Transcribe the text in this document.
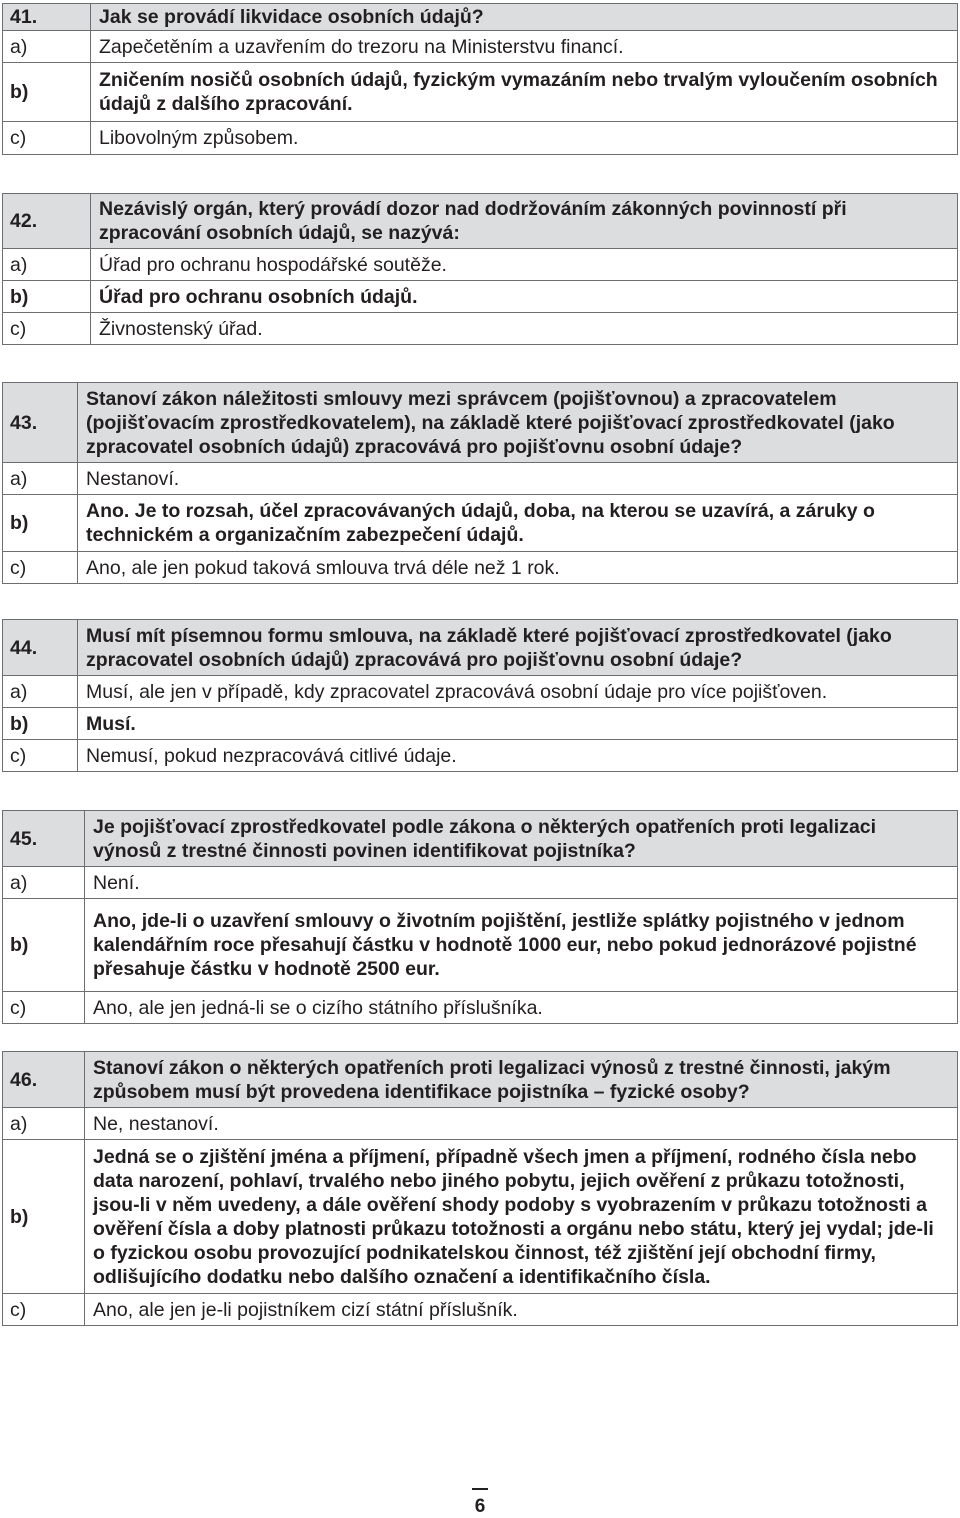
41.	Jak se provádí likvidace osobních údajů?
a)	Zapečetěním a uzavřením do trezoru na Ministerstvu financí.
b)	Zničením nosičů osobních údajů, fyzickým vymazáním nebo trvalým vyloučením osobních údajů z dalšího zpracování.
c)	Libovolným způsobem.
42.	Nezávislý orgán, který provádí dozor nad dodržováním zákonných povinností při zpracování osobních údajů, se nazývá:
a)	Úřad pro ochranu hospodářské soutěže.
b)	Úřad pro ochranu osobních údajů.
c)	Živnostenský úřad.
43.	Stanoví zákon náležitosti smlouvy mezi správcem (pojišťovnou) a zpracovatelem (pojišťovacím zprostředkovatelem), na základě které pojišťovací zprostředkovatel (jako zpracovatel osobních údajů) zpracovává pro pojišťovnu osobní údaje?
a)	Nestanoví.
b)	Ano. Je to rozsah, účel zpracovávaných údajů, doba, na kterou se uzavírá, a záruky o technickém a organizačním zabezpečení údajů.
c)	Ano, ale jen pokud taková smlouva trvá déle než 1 rok.
44.	Musí mít písemnou formu smlouva, na základě které pojišťovací zprostředkovatel (jako zpracovatel osobních údajů) zpracovává pro pojišťovnu osobní údaje?
a)	Musí, ale jen v případě, kdy zpracovatel zpracovává osobní údaje pro více pojišťoven.
b)	Musí.
c)	Nemusí, pokud nezpracovává citlivé údaje.
45.	Je pojišťovací zprostředkovatel podle zákona o některých opatřeních proti legalizaci výnosů z trestné činnosti povinen identifikovat pojistníka?
a)	Není.
b)	Ano, jde-li o uzavření smlouvy o životním pojištění, jestliže splátky pojistného v jednom kalendářním roce přesahují částku v hodnotě 1000 eur, nebo pokud jednorázové pojistné přesahuje částku v hodnotě 2500 eur.
c)	Ano, ale jen jedná-li se o cizího státního příslušníka.
46.	Stanoví zákon o některých opatřeních proti legalizaci výnosů z trestné činnosti, jakým způsobem musí být provedena identifikace pojistníka – fyzické osoby?
a)	Ne, nestanoví.
b)	Jedná se o zjištění jména a příjmení, případně všech jmen a příjmení, rodného čísla nebo data narození, pohlaví, trvalého nebo jiného pobytu, jejich ověření z průkazu totožnosti, jsou-li v něm uvedeny, a dále ověření shody podoby s vyobrazením v průkazu totožnosti a ověření čísla a doby platnosti průkazu totožnosti a orgánu nebo státu, který jej vydal; jde-li o fyzickou osobu provozující podnikatelskou činnost, též zjištění její obchodní firmy, odlišujícího dodatku nebo dalšího označení a identifikačního čísla.
c)	Ano, ale jen je-li pojistníkem cizí státní příslušník.
6
